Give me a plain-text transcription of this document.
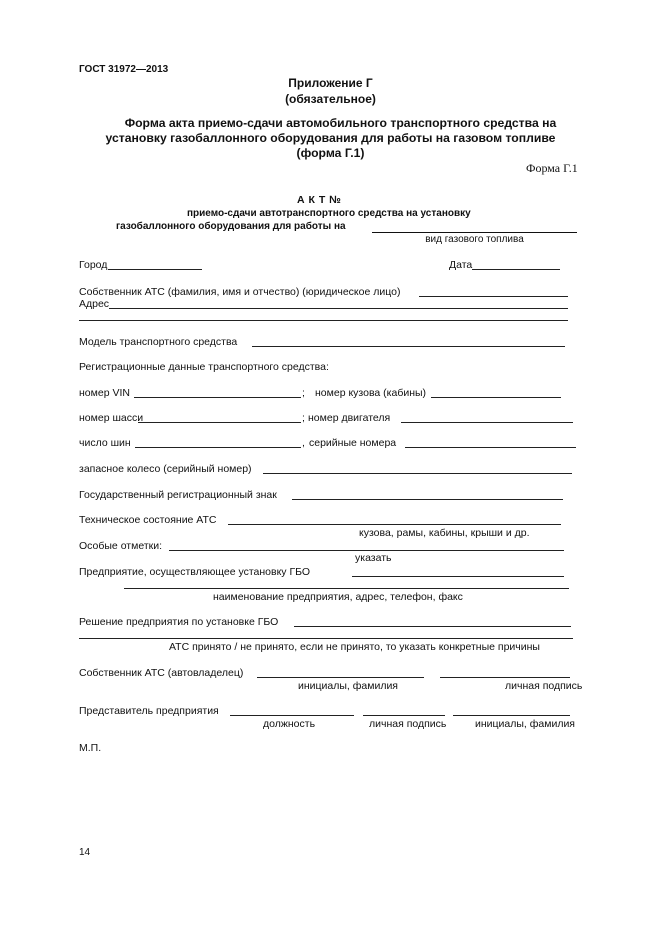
ГОСТ 31972—2013
Приложение Г
(обязательное)
Форма акта приемо-сдачи автомобильного транспортного средства на
установку газобаллонного оборудования для работы на газовом топливе
(форма Г.1)
Форма Г.1
А К Т №
приемо-сдачи автотранспортного средства на установку
газобаллонного оборудования для работы на
вид газового топлива
Город	Дата
Собственник АТС (фамилия, имя и отчество) (юридическое лицо)
Адрес
Модель транспортного средства
Регистрационные данные транспортного средства:
номер VIN	; номер кузова (кабины)
номер шасси	; номер двигателя
число шин	, серийные номера
запасное колесо (серийный номер)
Государственный регистрационный знак
Техническое состояние АТС
кузова, рамы, кабины, крыши и др.
Особые отметки:
указать
Предприятие, осуществляющее установку ГБО
наименование предприятия, адрес, телефон, факс
Решение предприятия по установке ГБО
АТС принято / не принято, если не принято, то указать конкретные причины
Собственник АТС (автовладелец)
инициалы, фамилия	личная подпись
Представитель предприятия
должность	личная подпись	инициалы, фамилия
М.П.
14
